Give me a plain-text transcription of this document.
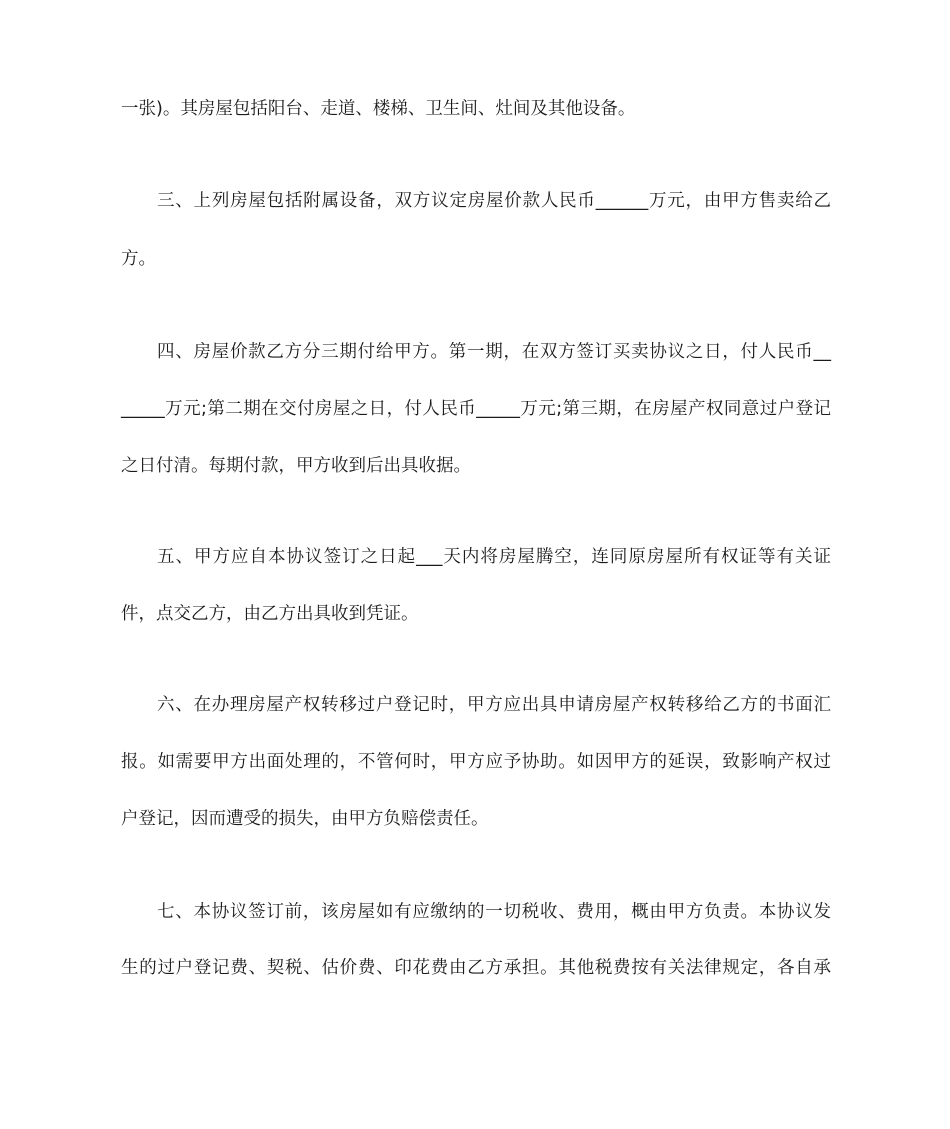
一张)。其房屋包括阳台、走道、楼梯、卫生间、灶间及其他设备。
三、上列房屋包括附属设备，双方议定房屋价款人民币______万元，由甲方售卖给乙
方。
四、房屋价款乙方分三期付给甲方。第一期，在双方签订买卖协议之日，付人民币__
_____万元;第二期在交付房屋之日，付人民币_____万元;第三期，在房屋产权同意过户登记
之日付清。每期付款，甲方收到后出具收据。
五、甲方应自本协议签订之日起___天内将房屋腾空，连同原房屋所有权证等有关证
件，点交乙方，由乙方出具收到凭证。
六、在办理房屋产权转移过户登记时，甲方应出具申请房屋产权转移给乙方的书面汇
报。如需要甲方出面处理的，不管何时，甲方应予协助。如因甲方的延误，致影响产权过
户登记，因而遭受的损失，由甲方负赔偿责任。
七、本协议签订前，该房屋如有应缴纳的一切税收、费用，概由甲方负责。本协议发
生的过户登记费、契税、估价费、印花费由乙方承担。其他税费按有关法律规定，各自承
